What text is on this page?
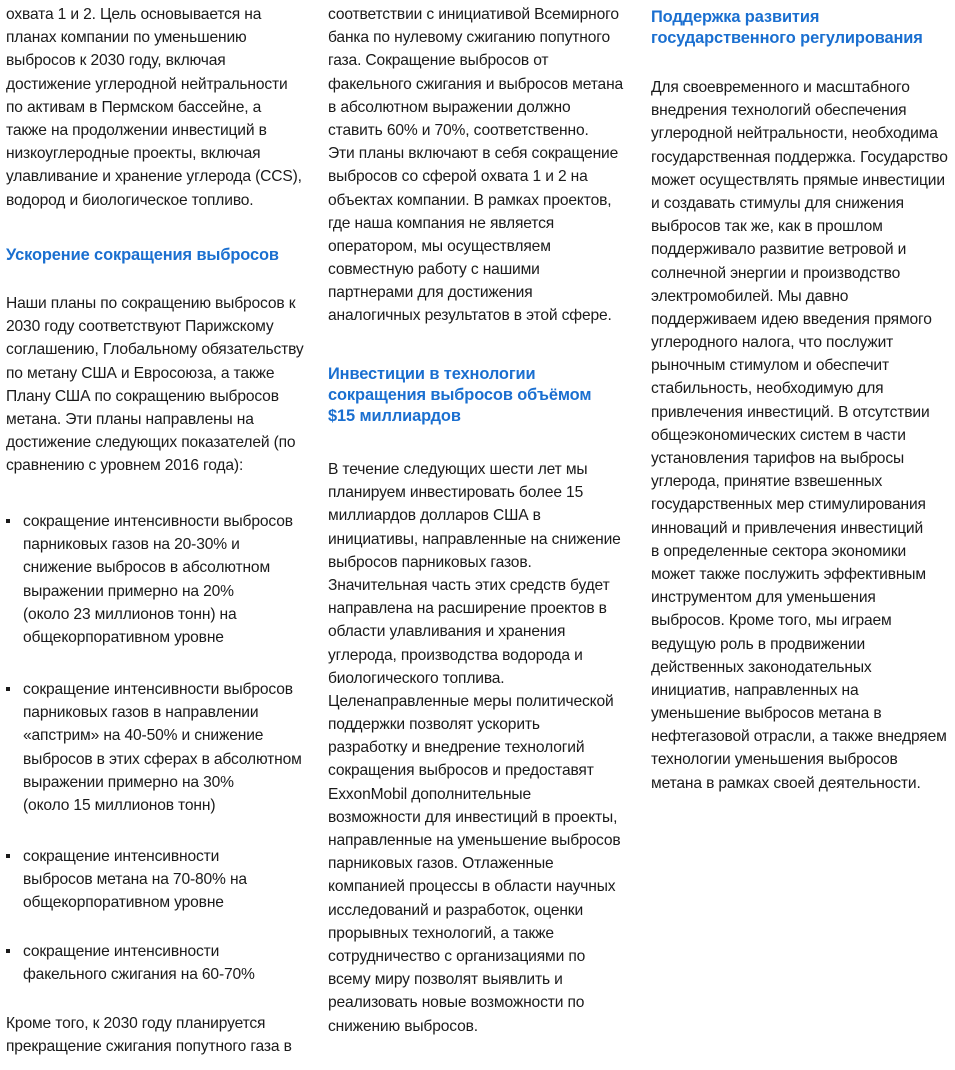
охвата 1 и 2. Цель основывается на
планах компании по уменьшению
выбросов к 2030 году, включая
достижение углеродной нейтральности
по активам в Пермском бассейне, а
также на продолжении инвестиций в
низкоуглеродные проекты, включая
улавливание и хранение углерода (CCS),
водород и биологическое топливо.
Ускорение сокращения выбросов
Наши планы по сокращению выбросов к
2030 году соответствуют Парижскому
соглашению, Глобальному обязательству
по метану США и Евросоюза, а также
Плану США по сокращению выбросов
метана. Эти планы направлены на
достижение следующих показателей (по
сравнению с уровнем 2016 года):
сокращение интенсивности выбросов
парниковых газов на 20-30% и
снижение выбросов в абсолютном
выражении примерно на 20%
(около 23 миллионов тонн) на
общекорпоративном уровне
сокращение интенсивности выбросов
парниковых газов в направлении
«апстрим» на 40-50% и снижение
выбросов в этих сферах в абсолютном
выражении примерно на 30%
(около 15 миллионов тонн)
сокращение интенсивности
выбросов метана на 70-80% на
общекорпоративном уровне
сокращение интенсивности
факельного сжигания на 60-70%
Кроме того, к 2030 году планируется
прекращение сжигания попутного газа в
соответствии с инициативой Всемирного
банка по нулевому сжиганию попутного
газа. Сокращение выбросов от
факельного сжигания и выбросов метана
в абсолютном выражении должно
ставить 60% и 70%, соответственно.
Эти планы включают в себя сокращение
выбросов со сферой охвата 1 и 2 на
объектах компании. В рамках проектов,
где наша компания не является
оператором, мы осуществляем
совместную работу с нашими
партнерами для достижения
аналогичных результатов в этой сфере.
Инвестиции в технологии
сокращения выбросов объёмом
$15 миллиардов
В течение следующих шести лет мы
планируем инвестировать более 15
миллиардов долларов США в
инициативы, направленные на снижение
выбросов парниковых газов.
Значительная часть этих средств будет
направлена на расширение проектов в
области улавливания и хранения
углерода, производства водорода и
биологического топлива.
Целенаправленные меры политической
поддержки позволят ускорить
разработку и внедрение технологий
сокращения выбросов и предоставят
ExxonMobil дополнительные
возможности для инвестиций в проекты,
направленные на уменьшение выбросов
парниковых газов. Отлаженные
компанией процессы в области научных
исследований и разработок, оценки
прорывных технологий, а также
сотрудничество с организациями по
всему миру позволят выявлить и
реализовать новые возможности по
снижению выбросов.
Поддержка развития
государственного регулирования
Для своевременного и масштабного
внедрения технологий обеспечения
углеродной нейтральности, необходима
государственная поддержка. Государство
может осуществлять прямые инвестиции
и создавать стимулы для снижения
выбросов так же, как в прошлом
поддерживало развитие ветровой и
солнечной энергии и производство
электромобилей. Мы давно
поддерживаем идею введения прямого
углеродного налога, что послужит
рыночным стимулом и обеспечит
стабильность, необходимую для
привлечения инвестиций. В отсутствии
общеэкономических систем в части
установления тарифов на выбросы
углерода, принятие взвешенных
государственных мер стимулирования
инноваций и привлечения инвестиций
в определенные сектора экономики
может также послужить эффективным
инструментом для уменьшения
выбросов. Кроме того, мы играем
ведущую роль в продвижении
действенных законодательных
инициатив, направленных на
уменьшение выбросов метана в
нефтегазовой отрасли, а также внедряем
технологии уменьшения выбросов
метана в рамках своей деятельности.
